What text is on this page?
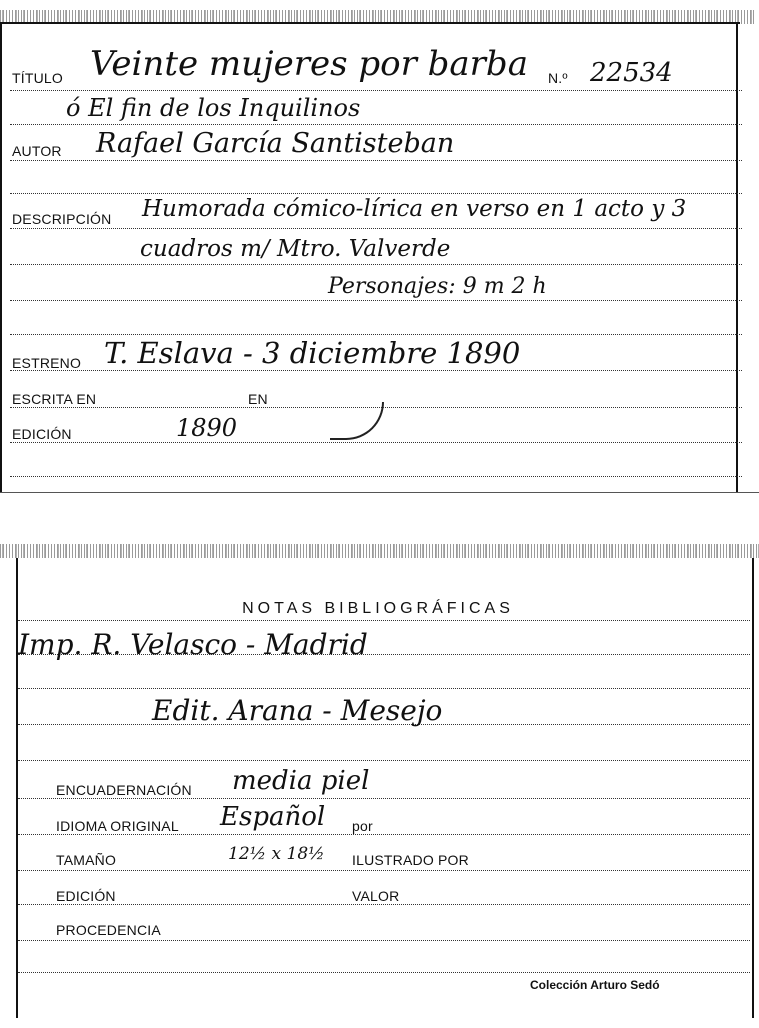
TÍTULO Veinte mujeres por barba N.º 22534
ó El fin de los Inquilinos
AUTOR Rafael García Santisteban
DESCRIPCIÓN Humorada cómico-lírica en verso en 1 acto y 3
cuadros m/ Mtro. Valverde
Personajes: 9 m 2 h
ESTRENO T. Eslava - 3 diciembre 1890
ESCRITA EN	EN
EDICIÓN	1890
NOTAS BIBLIOGRÁFICAS
Imp. R. Velasco - Madrid
Edit. Arana - Mesejo
ENCUADERNACIÓN media piel
IDIOMA ORIGINAL Español por
TAMAÑO	12½ x 18½ ILUSTRADO POR
EDICIÓN	VALOR
PROCEDENCIA
Colección Arturo Sedó
